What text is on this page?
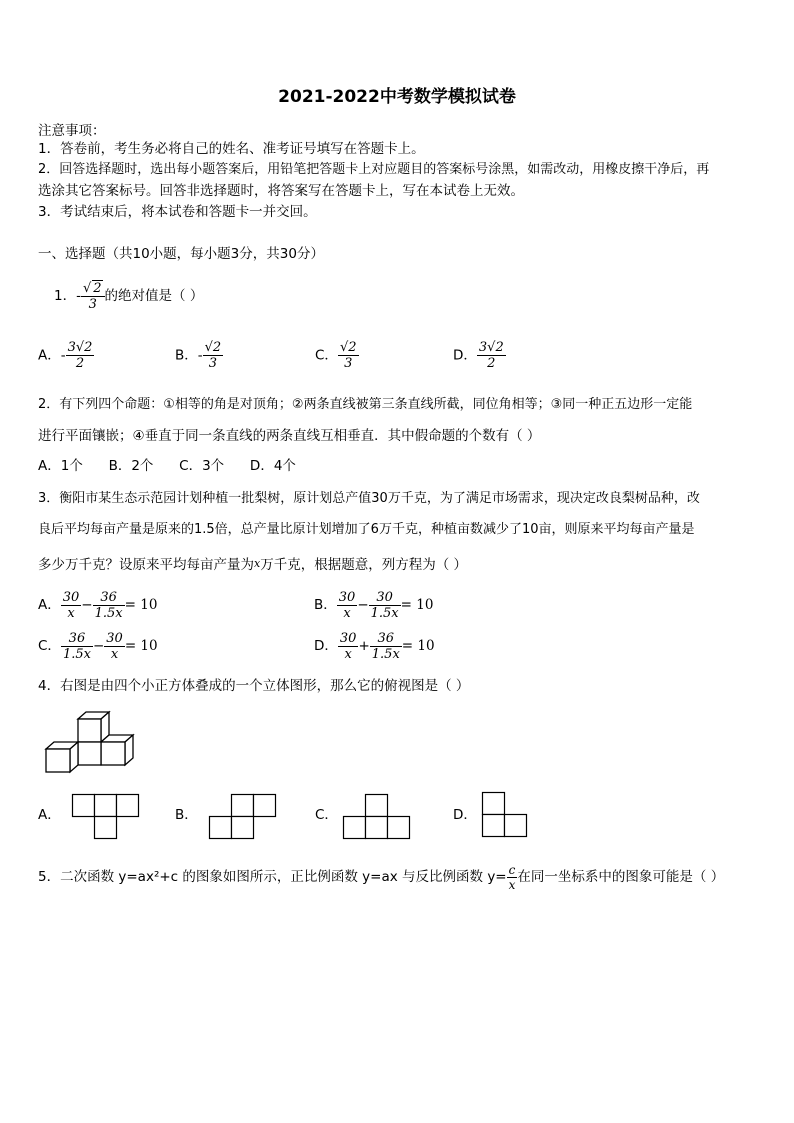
2021-2022中考数学模拟试卷
注意事项：
1．答卷前，考生务必将自己的姓名、准考证号填写在答题卡上。
2．回答选择题时，选出每小题答案后，用铅笔把答题卡上对应题目的答案标号涂黑，如需改动，用橡皮擦干净后，再
选涂其它答案标号。回答非选择题时，将答案写在答题卡上，写在本试卷上无效。
3．考试结束后，将本试卷和答题卡一并交回。
一、选择题（共10小题，每小题3分，共30分）
1．- $\frac{√ 2}{3}$ 的绝对值是（ ）
A．- $\frac{3√2}{2}$	B．- $\frac{√2}{3}$	C． $\frac{√2}{3}$	D． $\frac{3√2}{2}$
2．有下列四个命题：①相等的角是对顶角；②两条直线被第三条直线所截，同位角相等；③同一种正五边形一定能
进行平面镶嵌；④垂直于同一条直线的两条直线互相垂直．其中假命题的个数有（ ）
A．1个      B．2个      C．3个      D．4个
3．衡阳市某生态示范园计划种植一批梨树，原计划总产值30万千克，为了满足市场需求，现决定改良梨树品种，改
良后平均每亩产量是原来的1.5倍，总产量比原计划增加了6万千克，种植亩数减少了10亩，则原来平均每亩产量是
多少万千克？设原来平均每亩产量为x万千克，根据题意，列方程为（ ）
A． $\frac{30}{x} - \frac{36}{1.5x} = 10$	B． $\frac{30}{x} - \frac{30}{1.5x} = 10$
C． $\frac{36}{1.5x} - \frac{30}{x} = 10$	D． $\frac{30}{x} + \frac{36}{1.5x} = 10$
4．右图是由四个小正方体叠成的一个立体图形，那么它的俯视图是（ ）
A．	B．	C．	D．
5．二次函数 y=ax²+c 的图象如图所示，正比例函数 y=ax 与反比例函数 $y= \frac{c}{x}$ 在同一坐标系中的图象可能是（ ）
